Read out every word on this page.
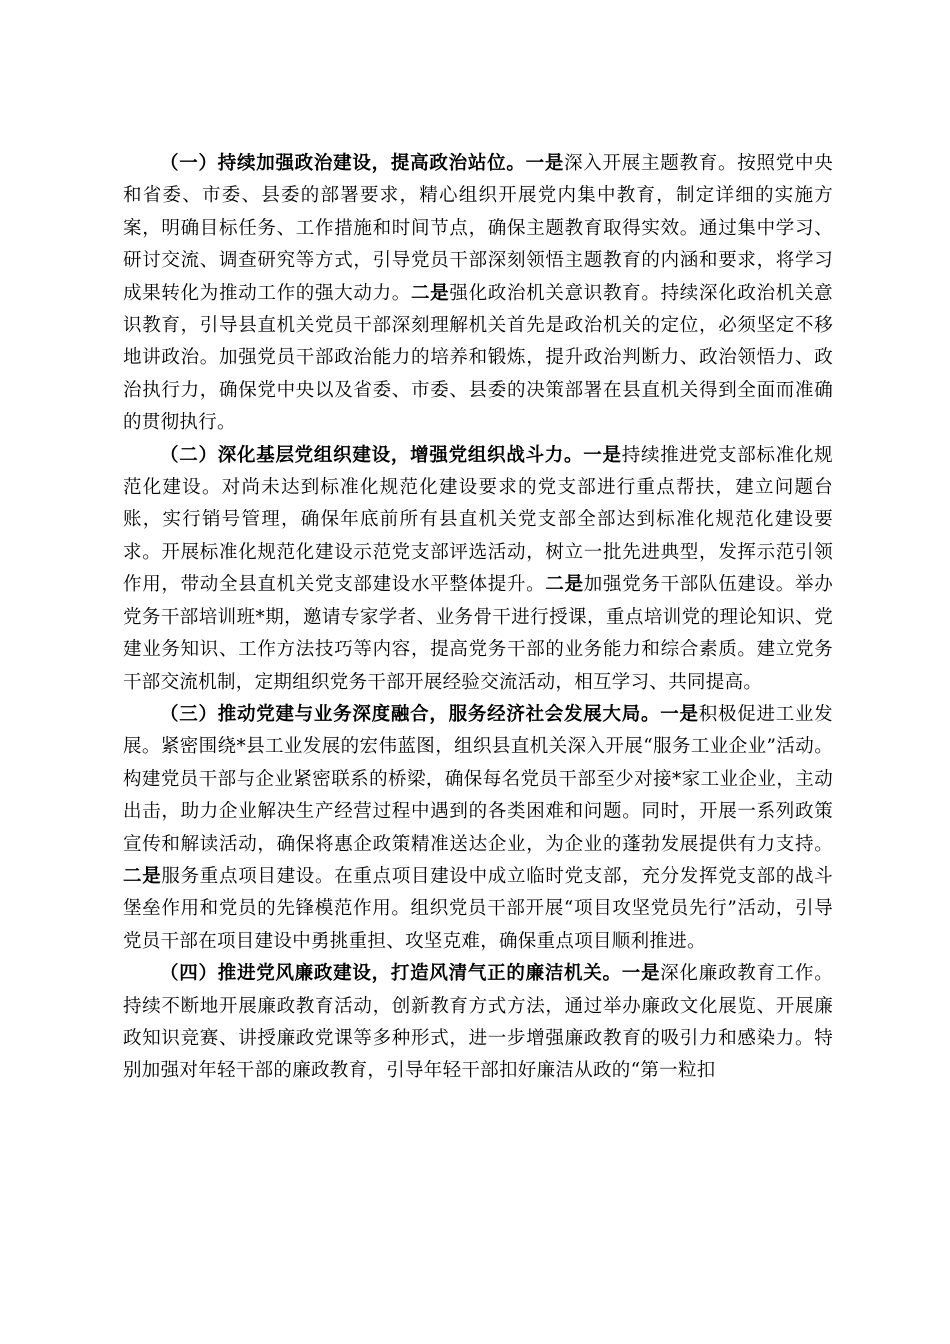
（一）持续加强政治建设，提高政治站位。一是深入开展主题教育。按照党中央和省委、市委、县委的部署要求，精心组织开展党内集中教育，制定详细的实施方案，明确目标任务、工作措施和时间节点，确保主题教育取得实效。通过集中学习、研讨交流、调查研究等方式，引导党员干部深刻领悟主题教育的内涵和要求，将学习成果转化为推动工作的强大动力。二是强化政治机关意识教育。持续深化政治机关意识教育，引导县直机关党员干部深刻理解机关首先是政治机关的定位，必须坚定不移地讲政治。加强党员干部政治能力的培养和锻炼，提升政治判断力、政治领悟力、政治执行力，确保党中央以及省委、市委、县委的决策部署在县直机关得到全面而准确的贯彻执行。

（二）深化基层党组织建设，增强党组织战斗力。一是持续推进党支部标准化规范化建设。对尚未达到标准化规范化建设要求的党支部进行重点帮扶，建立问题台账，实行销号管理，确保年底前所有县直机关党支部全部达到标准化规范化建设要求。开展标准化规范化建设示范党支部评选活动，树立一批先进典型，发挥示范引领作用，带动全县直机关党支部建设水平整体提升。二是加强党务干部队伍建设。举办党务干部培训班*期，邀请专家学者、业务骨干进行授课，重点培训党的理论知识、党建业务知识、工作方法技巧等内容，提高党务干部的业务能力和综合素质。建立党务干部交流机制，定期组织党务干部开展经验交流活动，相互学习、共同提高。

（三）推动党建与业务深度融合，服务经济社会发展大局。一是积极促进工业发展。紧密围绕*县工业发展的宏伟蓝图，组织县直机关深入开展“服务工业企业”活动。构建党员干部与企业紧密联系的桥梁，确保每名党员干部至少对接*家工业企业，主动出击，助力企业解决生产经营过程中遇到的各类困难和问题。同时，开展一系列政策宣传和解读活动，确保将惠企政策精准送达企业，为企业的蓬勃发展提供有力支持。二是服务重点项目建设。在重点项目建设中成立临时党支部，充分发挥党支部的战斗堡垒作用和党员的先锋模范作用。组织党员干部开展“项目攻坚党员先行”活动，引导党员干部在项目建设中勇挑重担、攻坚克难，确保重点项目顺利推进。

（四）推进党风廉政建设，打造风清气正的廉洁机关。一是深化廉政教育工作。持续不断地开展廉政教育活动，创新教育方式方法，通过举办廉政文化展览、开展廉政知识竞赛、讲授廉政党课等多种形式，进一步增强廉政教育的吸引力和感染力。特别加强对年轻干部的廉政教育，引导年轻干部扣好廉洁从政的“第一粒扣
